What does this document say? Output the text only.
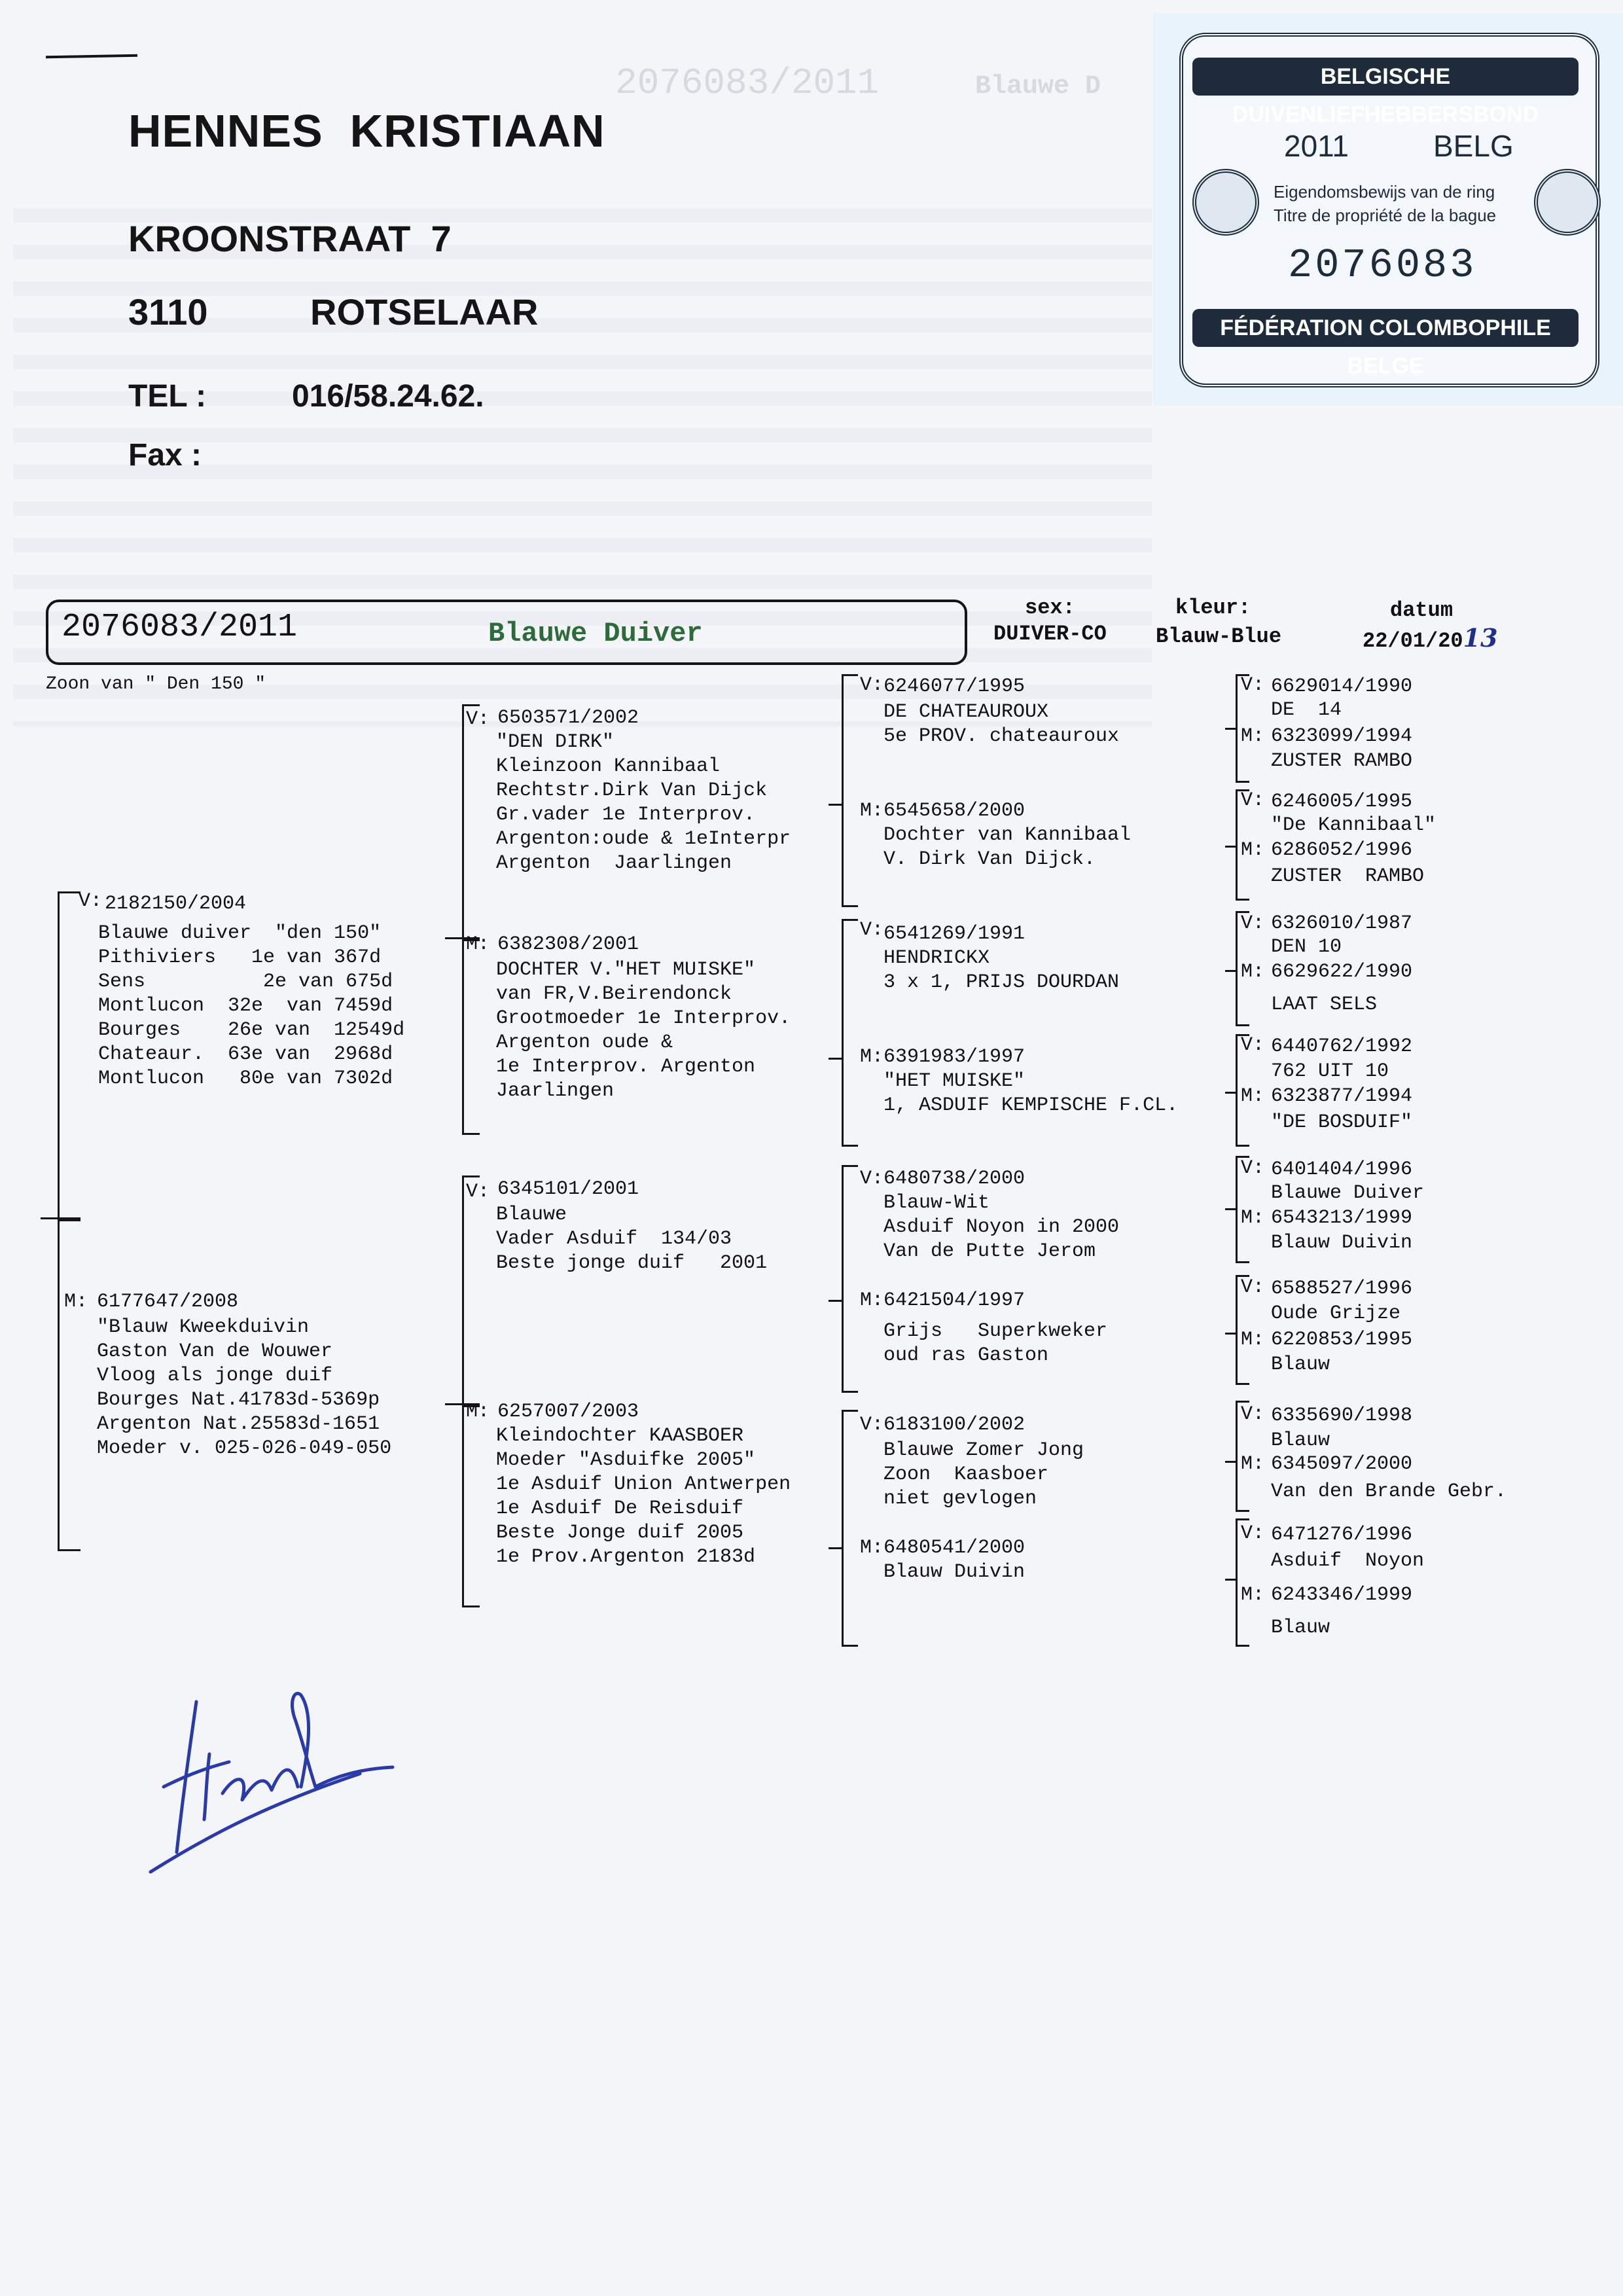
2076083/2011	Blauwe D
HENNES  KRISTIAAN
KROONSTRAAT  7
3110	ROTSELAAR
TEL :	016/58.24.62.
Fax :
BELGISCHE DUIVENLIEFHEBBERSBOND
2011	BELG
Eigendomsbewijs van de ring
Titre de propriété de la bague
2076083
FÉDÉRATION COLOMBOPHILE BELGE
2076083/2011	Blauwe Duiver
sex:
DUIVER-CO
kleur:
Blauw-Blue
datum
22/01/2013
Zoon van " Den 150 "
V: 2182150/2004
Blauwe duiver  "den 150"
Pithiviers   1e van 367d
Sens          2e van 675d
Montlucon  32e  van 7459d
Bourges    26e van  12549d
Chateaur.  63e van  2968d
Montlucon   80e van 7302d
M: 6177647/2008
"Blauw Kweekduivin
Gaston Van de Wouwer
Vloog als jonge duif
Bourges Nat.41783d-5369p
Argenton Nat.25583d-1651
Moeder v. 025-026-049-050
V: 6503571/2002
"DEN DIRK"
Kleinzoon Kannibaal
Rechtstr.Dirk Van Dijck
Gr.vader 1e Interprov.
Argenton:oude & 1eInterpr
Argenton  Jaarlingen
M: 6382308/2001
DOCHTER V."HET MUISKE"
van FR,V.Beirendonck
Grootmoeder 1e Interprov.
Argenton oude &
1e Interprov. Argenton
Jaarlingen
V: 6345101/2001
Blauwe
Vader Asduif  134/03
Beste jonge duif   2001
M: 6257007/2003
Kleindochter KAASBOER
Moeder "Asduifke 2005"
1e Asduif Union Antwerpen
1e Asduif De Reisduif
Beste Jonge duif 2005
1e Prov.Argenton 2183d
V: 6246077/1995
DE CHATEAUROUX
5e PROV. chateauroux
M: 6545658/2000
Dochter van Kannibaal
V. Dirk Van Dijck.
V: 6541269/1991
HENDRICKX
3 x 1, PRIJS DOURDAN
M: 6391983/1997
"HET MUISKE"
1, ASDUIF KEMPISCHE F.CL.
V: 6480738/2000
Blauw-Wit
Asduif Noyon in 2000
Van de Putte Jerom
M: 6421504/1997
Grijs   Superkweker
oud ras Gaston
V: 6183100/2002
Blauwe Zomer Jong
Zoon  Kaasboer
niet gevlogen
M: 6480541/2000
Blauw Duivin
V: 6629014/1990
DE  14
M: 6323099/1994
ZUSTER RAMBO
V: 6246005/1995
"De Kannibaal"
M: 6286052/1996
ZUSTER  RAMBO
V: 6326010/1987
DEN 10
M: 6629622/1990
LAAT SELS
V: 6440762/1992
762 UIT 10
M: 6323877/1994
"DE BOSDUIF"
V: 6401404/1996
Blauwe Duiver
M: 6543213/1999
Blauw Duivin
V: 6588527/1996
Oude Grijze
M: 6220853/1995
Blauw
V: 6335690/1998
Blauw
M: 6345097/2000
Van den Brande Gebr.
V: 6471276/1996
Asduif  Noyon
M: 6243346/1999
Blauw
